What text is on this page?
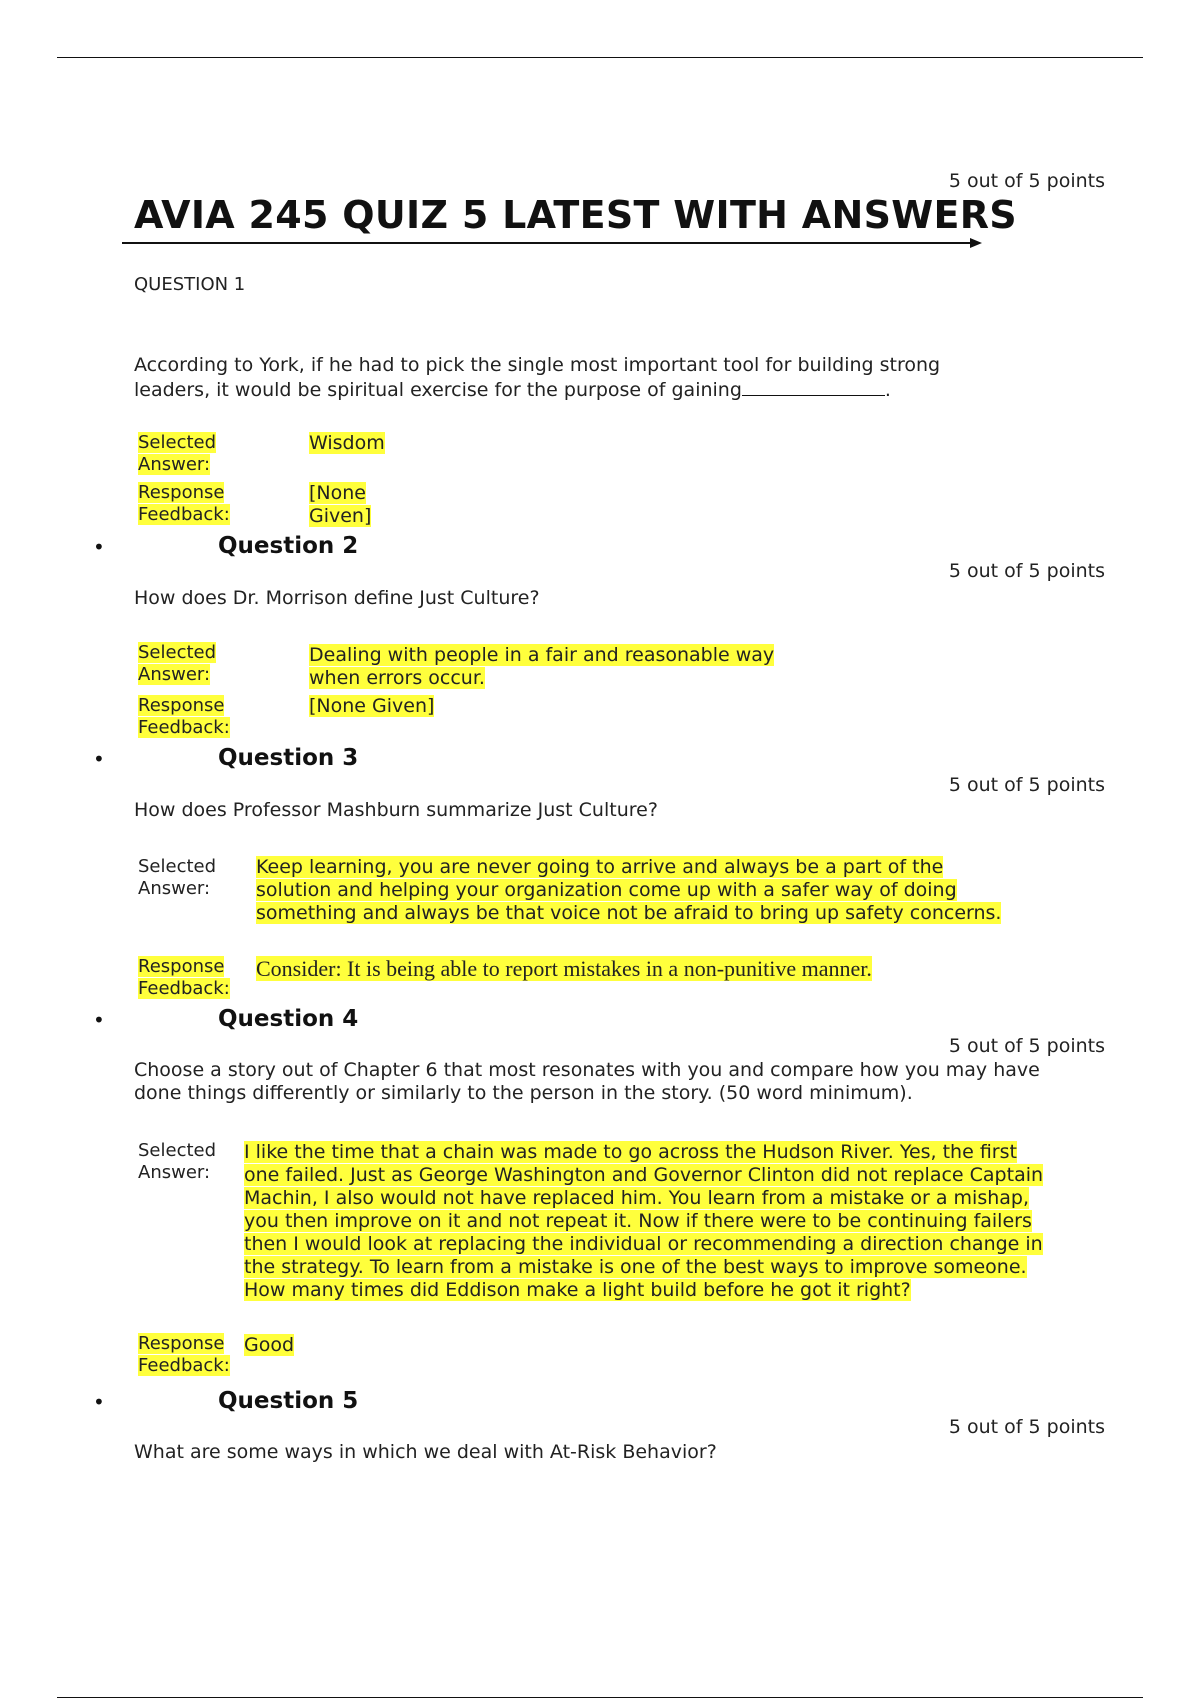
5 out of 5 points
AVIA 245 QUIZ 5 LATEST WITH ANSWERS
QUESTION 1
According to York, if he had to pick the single most important tool for building strong leaders, it would be spiritual exercise for the purpose of gaining	.
Selected Answer:
Wisdom
Response Feedback:
[None Given]
•	Question 2
5 out of 5 points
How does Dr. Morrison define Just Culture?
Selected Answer:
Dealing with people in a fair and reasonable way when errors occur.
Response Feedback:
[None Given]
•	Question 3
5 out of 5 points
How does Professor Mashburn summarize Just Culture?
Selected Answer:
Keep learning, you are never going to arrive and always be a part of the solution and helping your organization come up with a safer way of doing something and always be that voice not be afraid to bring up safety concerns.
Response Feedback:
Consider: It is being able to report mistakes in a non-punitive manner.
•	Question 4
5 out of 5 points
Choose a story out of Chapter 6 that most resonates with you and compare how you may have done things differently or similarly to the person in the story. (50 word minimum).
Selected Answer:
I like the time that a chain was made to go across the Hudson River. Yes, the first one failed. Just as George Washington and Governor Clinton did not replace Captain Machin, I also would not have replaced him. You learn from a mistake or a mishap, you then improve on it and not repeat it. Now if there were to be continuing failers then I would look at replacing the individual or recommending a direction change in the strategy. To learn from a mistake is one of the best ways to improve someone. How many times did Eddison make a light build before he got it right?
Response Feedback:
Good
•	Question 5
5 out of 5 points
What are some ways in which we deal with At-Risk Behavior?
